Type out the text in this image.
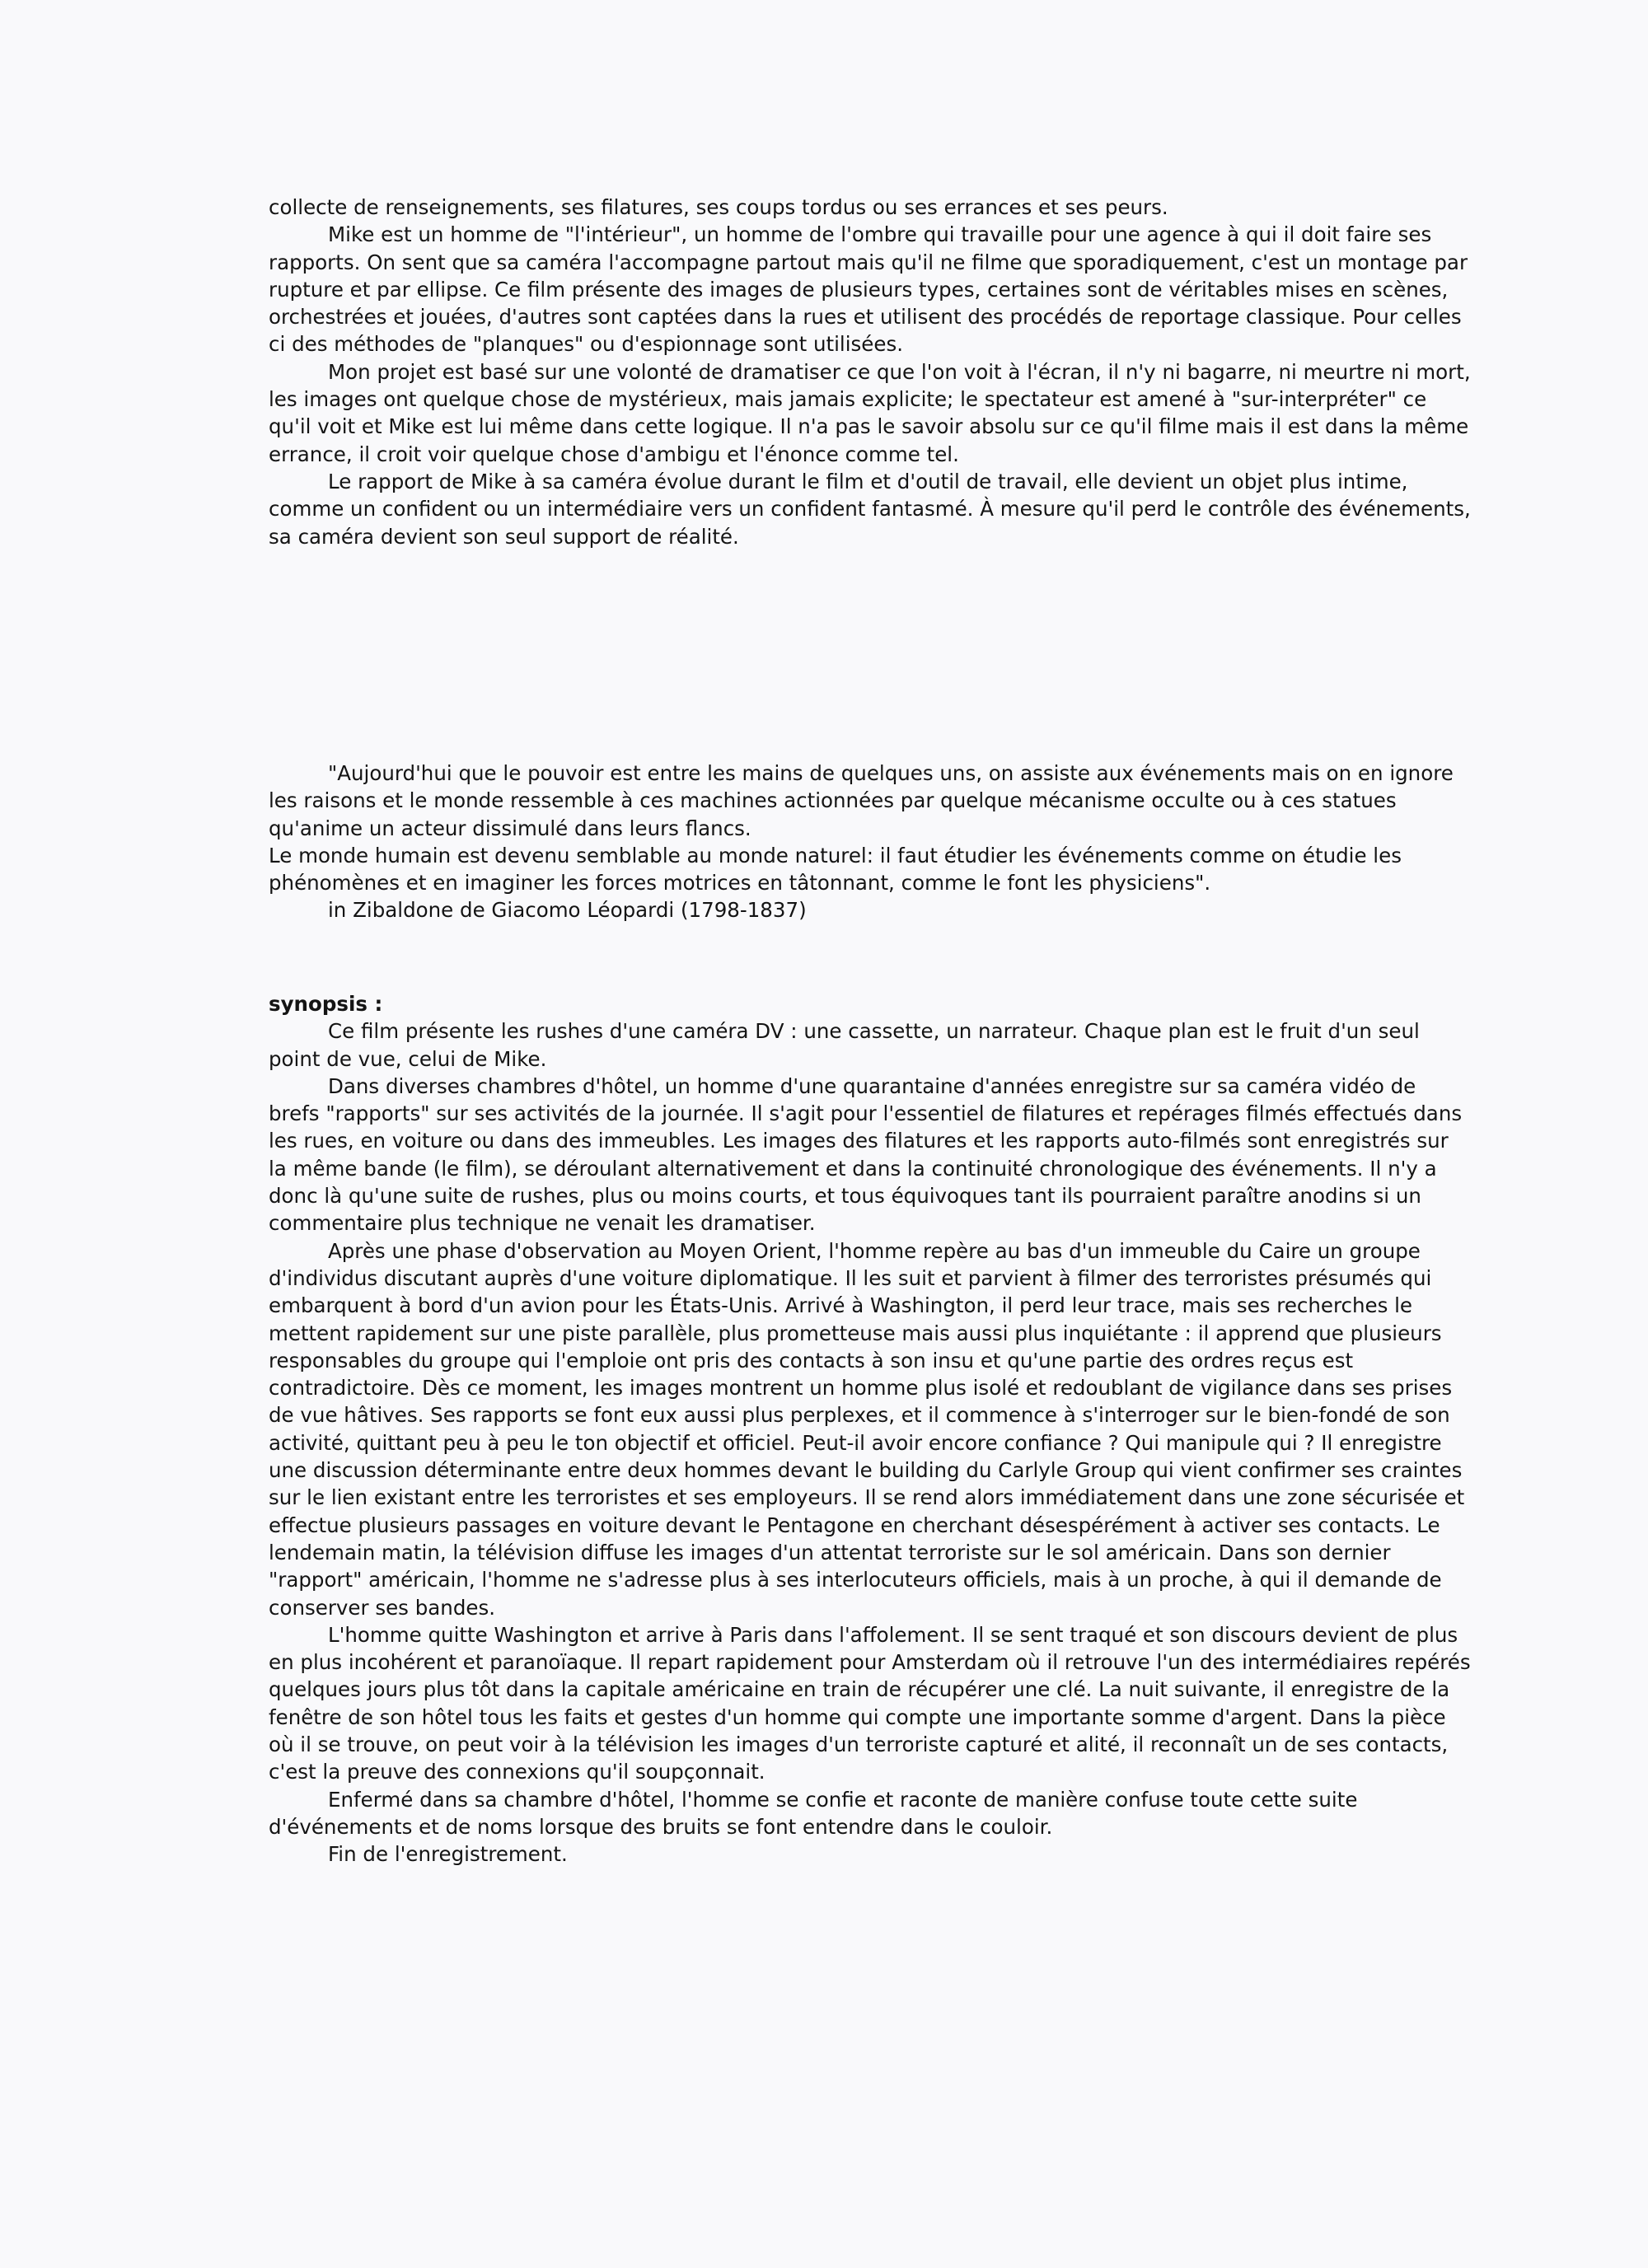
collecte de renseignements, ses filatures, ses coups tordus ou ses errances et ses peurs.

Mike est un homme de "l'intérieur", un homme de l'ombre qui travaille pour une agence à qui il doit faire ses rapports. On sent que sa caméra l'accompagne partout mais qu'il ne filme que sporadiquement, c'est un montage par rupture et par ellipse. Ce film présente des images de plusieurs types, certaines sont de véritables mises en scènes, orchestrées et jouées, d'autres sont captées dans la rues et utilisent des procédés de reportage classique. Pour celles ci des méthodes de "planques" ou d'espionnage sont utilisées.

Mon projet est basé sur une volonté de dramatiser ce que l'on voit à l'écran, il n'y ni bagarre, ni meurtre ni mort, les images ont quelque chose de mystérieux, mais jamais explicite; le spectateur est amené à "sur-interpréter" ce qu'il voit et Mike est lui même dans cette logique. Il n'a pas le savoir absolu sur ce qu'il filme mais il est dans la même errance, il croit voir quelque chose d'ambigu et l'énonce comme tel.

Le rapport de Mike à sa caméra évolue durant le film et d'outil de travail, elle devient un objet plus intime, comme un confident ou un intermédiaire vers un confident fantasmé. À mesure qu'il perd le contrôle des événements, sa caméra devient son seul support de réalité.

"Aujourd'hui que le pouvoir est entre les mains de quelques uns, on assiste aux événements mais on en ignore les raisons et le monde ressemble à ces machines actionnées par quelque mécanisme occulte ou à ces statues qu'anime un acteur dissimulé dans leurs flancs.

Le monde humain est devenu semblable au monde naturel: il faut étudier les événements comme on étudie les phénomènes et en imaginer les forces motrices en tâtonnant, comme le font les physiciens".

in Zibaldone de Giacomo Léopardi (1798-1837)

synopsis :

Ce film présente les rushes d'une caméra DV : une cassette, un narrateur. Chaque plan est le fruit d'un seul point de vue, celui de Mike.

Dans diverses chambres d'hôtel, un homme d'une quarantaine d'années enregistre sur sa caméra vidéo de brefs "rapports" sur ses activités de la journée. Il s'agit pour l'essentiel de filatures et repérages filmés effectués dans les rues, en voiture ou dans des immeubles. Les images des filatures et les rapports auto-filmés sont enregistrés sur la même bande (le film), se déroulant alternativement et dans la continuité chronologique des événements. Il n'y a donc là qu'une suite de rushes, plus ou moins courts, et tous équivoques tant ils pourraient paraître anodins si un commentaire plus technique ne venait les dramatiser.

Après une phase d'observation au Moyen Orient, l'homme repère au bas d'un immeuble du Caire un groupe d'individus discutant auprès d'une voiture diplomatique. Il les suit et parvient à filmer des terroristes présumés qui embarquent à bord d'un avion pour les États-Unis. Arrivé à Washington, il perd leur trace, mais ses recherches le mettent rapidement sur une piste parallèle, plus prometteuse mais aussi plus inquiétante : il apprend que plusieurs responsables du groupe qui l'emploie ont pris des contacts à son insu et qu'une partie des ordres reçus est contradictoire. Dès ce moment, les images montrent un homme plus isolé et redoublant de vigilance dans ses prises de vue hâtives. Ses rapports se font eux aussi plus perplexes, et il commence à s'interroger sur le bien-fondé de son activité, quittant peu à peu le ton objectif et officiel. Peut-il avoir encore confiance ? Qui manipule qui ? Il enregistre une discussion déterminante entre deux hommes devant le building du Carlyle Group qui vient confirmer ses craintes sur le lien existant entre les terroristes et ses employeurs. Il se rend alors immédiatement dans une zone sécurisée et effectue plusieurs passages en voiture devant le Pentagone en cherchant désespérément à activer ses contacts. Le lendemain matin, la télévision diffuse les images d'un attentat terroriste sur le sol américain. Dans son dernier "rapport" américain, l'homme ne s'adresse plus à ses interlocuteurs officiels, mais à un proche, à qui il demande de conserver ses bandes.

L'homme quitte Washington et arrive à Paris dans l'affolement. Il se sent traqué et son discours devient de plus en plus incohérent et paranoïaque. Il repart rapidement pour Amsterdam où il retrouve l'un des intermédiaires repérés quelques jours plus tôt dans la capitale américaine en train de récupérer une clé. La nuit suivante, il enregistre de la fenêtre de son hôtel tous les faits et gestes d'un homme qui compte une importante somme d'argent. Dans la pièce où il se trouve, on peut voir à la télévision les images d'un terroriste capturé et alité, il reconnaît un de ses contacts, c'est la preuve des connexions qu'il soupçonnait.

Enfermé dans sa chambre d'hôtel, l'homme se confie et raconte de manière confuse toute cette suite d'événements et de noms lorsque des bruits se font entendre dans le couloir.

Fin de l'enregistrement.
